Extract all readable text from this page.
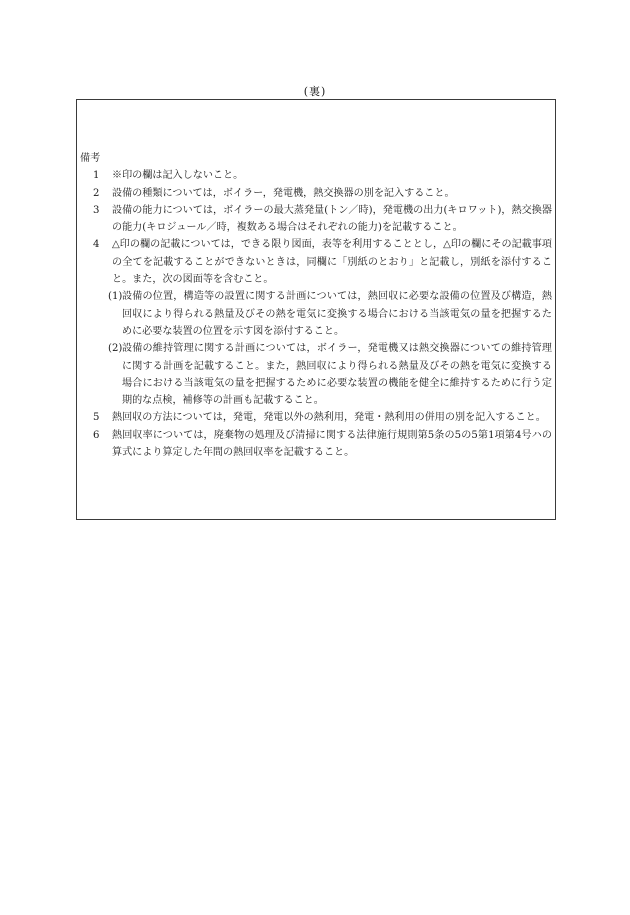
(裏)
備考
1	※印の欄は記入しないこと。
2	設備の種類については，ボイラー，発電機，熱交換器の別を記入すること。
3	設備の能力については，ボイラーの最大蒸発量(トン／時)，発電機の出力(キロワット)，熱交換器の能力(キロジュール／時，複数ある場合はそれぞれの能力)を記載すること。
4	△印の欄の記載については，できる限り図面，表等を利用することとし，△印の欄にその記載事項の全てを記載することができないときは，同欄に「別紙のとおり」と記載し，別紙を添付すること。また，次の図面等を含むこと。
(1) 設備の位置，構造等の設置に関する計画については，熱回収に必要な設備の位置及び構造，熱回収により得られる熱量及びその熱を電気に変換する場合における当該電気の量を把握するために必要な装置の位置を示す図を添付すること。
(2) 設備の維持管理に関する計画については，ボイラー，発電機又は熱交換器についての維持管理に関する計画を記載すること。また，熱回収により得られる熱量及びその熱を電気に変換する場合における当該電気の量を把握するために必要な装置の機能を健全に維持するために行う定期的な点検，補修等の計画も記載すること。
5	熱回収の方法については，発電，発電以外の熱利用，発電・熱利用の併用の別を記入すること。
6	熱回収率については，廃棄物の処理及び清掃に関する法律施行規則第5条の5の5第1項第4号ハの算式により算定した年間の熱回収率を記載すること。
